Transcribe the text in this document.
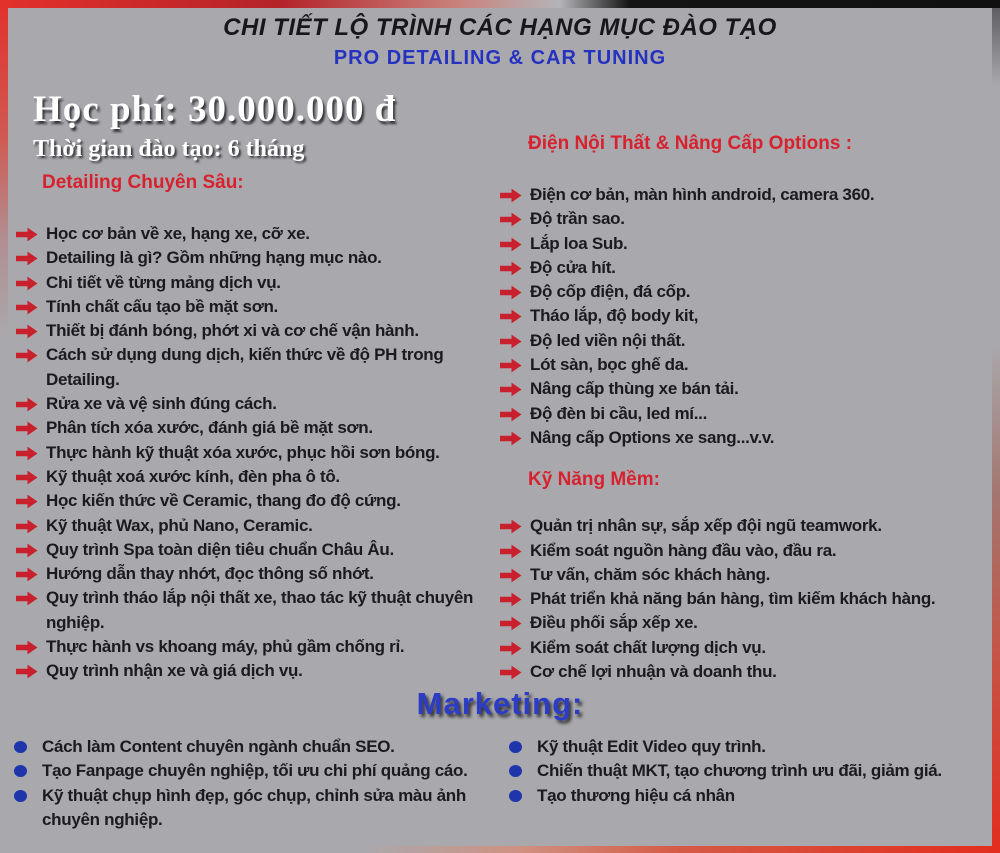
CHI TIẾT LỘ TRÌNH CÁC HẠNG MỤC ĐÀO TẠO
PRO DETAILING & CAR TUNING
Học phí: 30.000.000 đ
Thời gian đào tạo: 6 tháng
Detailing Chuyên Sâu:
Học cơ bản về xe, hạng xe, cỡ xe.
Detailing là gì? Gồm những hạng mục nào.
Chi tiết về từng mảng dịch vụ.
Tính chất cấu tạo bề mặt sơn.
Thiết bị đánh bóng, phớt xi và cơ chế vận hành.
Cách sử dụng dung dịch, kiến thức về độ PH trong Detailing.
Rửa xe và vệ sinh đúng cách.
Phân tích xóa xước, đánh giá bề mặt sơn.
Thực hành kỹ thuật xóa xước, phục hồi sơn bóng.
Kỹ thuật xoá xước kính, đèn pha ô tô.
Học kiến thức về Ceramic, thang đo độ cứng.
Kỹ thuật Wax, phủ Nano, Ceramic.
Quy trình Spa toàn diện tiêu chuẩn Châu Âu.
Hướng dẫn thay nhớt, đọc thông số nhớt.
Quy trình tháo lắp nội thất xe, thao tác kỹ thuật chuyên nghiệp.
Thực hành vs khoang máy, phủ gầm chống rỉ.
Quy trình nhận xe và giá dịch vụ.
Điện Nội Thất & Nâng Cấp Options :
Điện cơ bản, màn hình android, camera 360.
Độ trần sao.
Lắp loa Sub.
Độ cửa hít.
Độ cốp điện, đá cốp.
Tháo lắp, độ body kit,
Độ led viền nội thất.
Lót sàn, bọc ghế da.
Nâng cấp thùng xe bán tải.
Độ đèn bi cầu, led mí...
Nâng cấp Options xe sang...v.v.
Kỹ Năng Mềm:
Quản trị nhân sự, sắp xếp đội ngũ teamwork.
Kiểm soát nguồn hàng đầu vào, đầu ra.
Tư vấn, chăm sóc khách hàng.
Phát triển khả năng bán hàng, tìm kiếm khách hàng.
Điều phối sắp xếp xe.
Kiểm soát chất lượng dịch vụ.
Cơ chế lợi nhuận và doanh thu.
Marketing:
Cách làm Content chuyên ngành chuẩn SEO.
Tạo Fanpage chuyên nghiệp, tối ưu chi phí quảng cáo.
Kỹ thuật chụp hình đẹp, góc chụp, chỉnh sửa màu ảnh chuyên nghiệp.
Kỹ thuật Edit Video quy trình.
Chiến thuật MKT, tạo chương trình ưu đãi, giảm giá.
Tạo thương hiệu cá nhân
